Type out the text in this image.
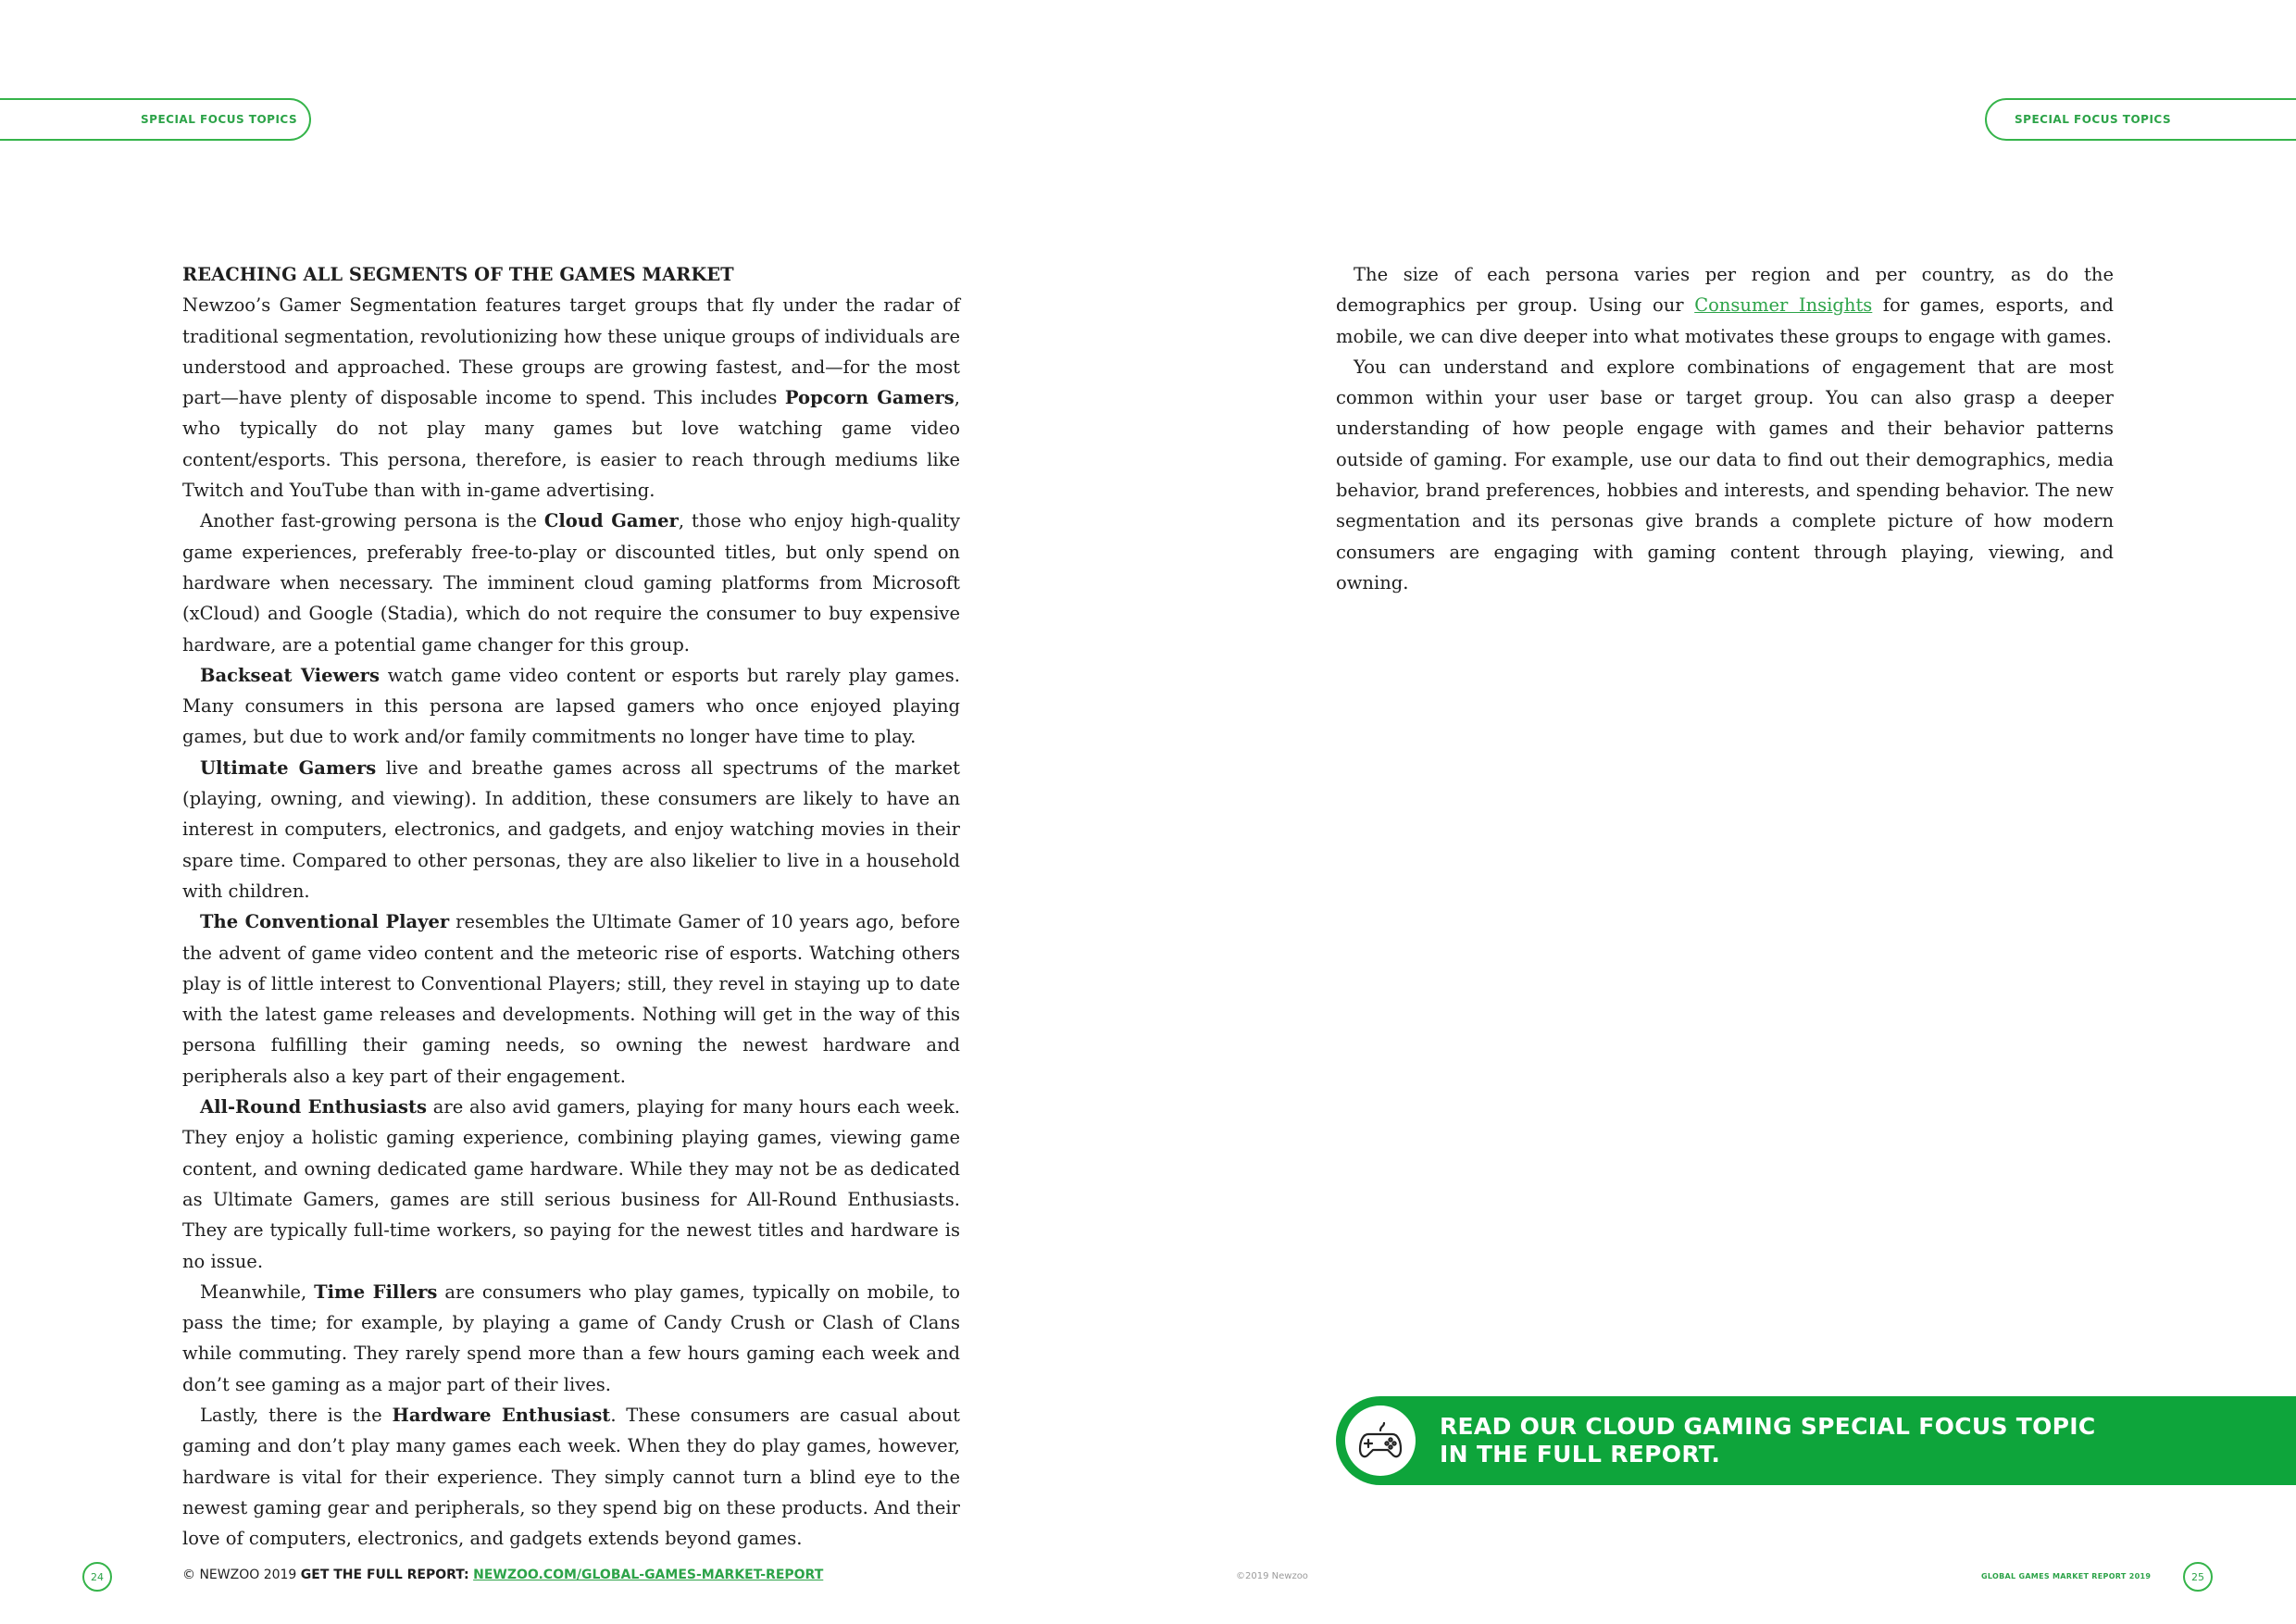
SPECIAL FOCUS TOPICS	SPECIAL FOCUS TOPICS

REACHING ALL SEGMENTS OF THE GAMES MARKET

Newzoo’s Gamer Segmentation features target groups that fly under the radar of traditional segmentation, revolutionizing how these unique groups of individuals are understood and approached. These groups are growing fastest, and—for the most part—have plenty of disposable income to spend. This includes Popcorn Gamers, who typically do not play many games but love watching game video content/esports. This persona, therefore, is easier to reach through mediums like Twitch and YouTube than with in-game advertising.

Another fast-growing persona is the Cloud Gamer, those who enjoy high-quality game experiences, preferably free-to-play or discounted titles, but only spend on hardware when necessary. The imminent cloud gaming platforms from Microsoft (xCloud) and Google (Stadia), which do not require the consumer to buy expensive hardware, are a potential game changer for this group.

Backseat Viewers watch game video content or esports but rarely play games. Many consumers in this persona are lapsed gamers who once enjoyed playing games, but due to work and/or family commitments no longer have time to play.

Ultimate Gamers live and breathe games across all spectrums of the market (playing, owning, and viewing). In addition, these consumers are likely to have an interest in computers, electronics, and gadgets, and enjoy watching movies in their spare time. Compared to other personas, they are also likelier to live in a household with children.

The Conventional Player resembles the Ultimate Gamer of 10 years ago, before the advent of game video content and the meteoric rise of esports. Watching others play is of little interest to Conventional Players; still, they revel in staying up to date with the latest game releases and developments. Nothing will get in the way of this persona fulfilling their gaming needs, so owning the newest hardware and peripherals also a key part of their engagement.

All-Round Enthusiasts are also avid gamers, playing for many hours each week. They enjoy a holistic gaming experience, combining playing games, viewing game content, and owning dedicated game hardware. While they may not be as dedicated as Ultimate Gamers, games are still serious business for All-Round Enthusiasts. They are typically full-time workers, so paying for the newest titles and hardware is no issue.

Meanwhile, Time Fillers are consumers who play games, typically on mobile, to pass the time; for example, by playing a game of Candy Crush or Clash of Clans while commuting. They rarely spend more than a few hours gaming each week and don’t see gaming as a major part of their lives.

Lastly, there is the Hardware Enthusiast. These consumers are casual about gaming and don’t play many games each week. When they do play games, however, hardware is vital for their experience. They simply cannot turn a blind eye to the newest gaming gear and peripherals, so they spend big on these products. And their love of computers, electronics, and gadgets extends beyond games.

The size of each persona varies per region and per country, as do the demographics per group. Using our Consumer Insights for games, esports, and mobile, we can dive deeper into what motivates these groups to engage with games.

You can understand and explore combinations of engagement that are most common within your user base or target group. You can also grasp a deeper understanding of how people engage with games and their behavior patterns outside of gaming. For example, use our data to find out their demographics, media behavior, brand preferences, hobbies and interests, and spending behavior. The new segmentation and its personas give brands a complete picture of how modern consumers are engaging with gaming content through playing, viewing, and owning.

READ OUR CLOUD GAMING SPECIAL FOCUS TOPIC
IN THE FULL REPORT.
24	© NEWZOO 2019 GET THE FULL REPORT: NEWZOO.COM/GLOBAL-GAMES-MARKET-REPORT	©2019 Newzoo	GLOBAL GAMES MARKET REPORT 2019	25
